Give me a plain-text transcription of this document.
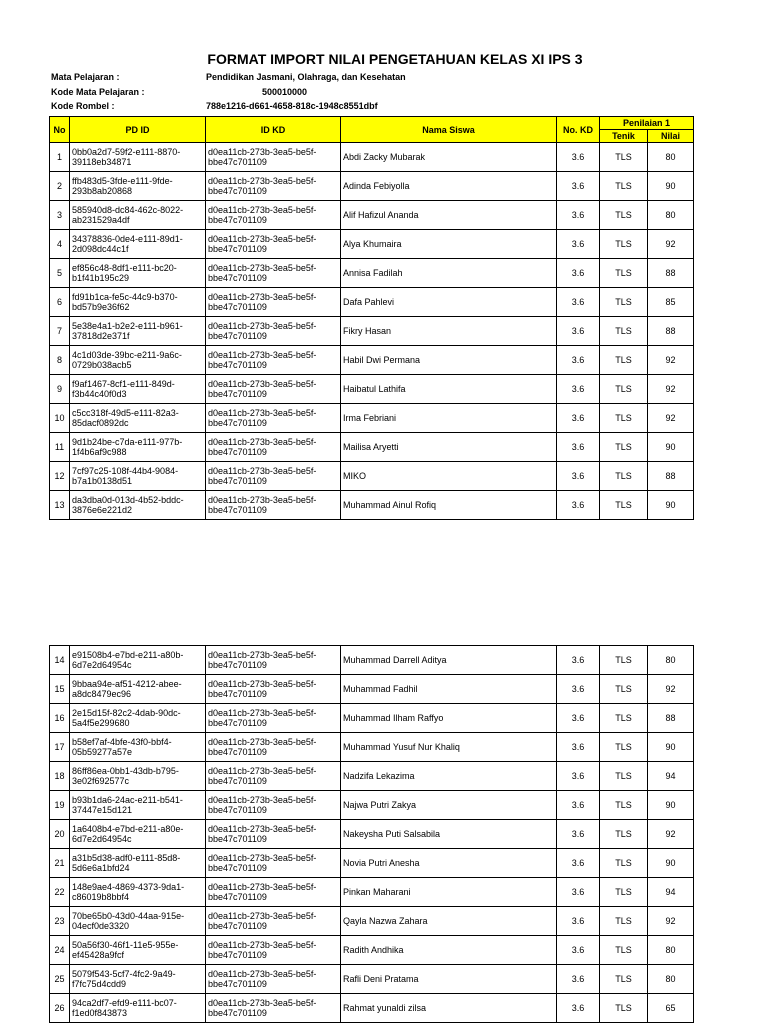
FORMAT IMPORT NILAI PENGETAHUAN KELAS XI IPS 3
Mata Pelajaran :	Pendidikan Jasmani, Olahraga, dan Kesehatan
Kode Mata Pelajaran :	500010000
Kode Rombel :	788e1216-d661-4658-818c-1948c8551dbf
No	PD ID	ID KD	Nama Siswa	No. KD	Penilaian 1	
					Tenik	Nilai
1	0bb0a2d7-59f2-e111-8870-
39118eb34871	d0ea11cb-273b-3ea5-be5f-
bbe47c701109	Abdi Zacky Mubarak	3.6	TLS	80
2	ffb483d5-3fde-e111-9fde-
293b8ab20868	d0ea11cb-273b-3ea5-be5f-
bbe47c701109	Adinda Febiyolla	3.6	TLS	90
3	585940d8-dc84-462c-8022-
ab231529a4df	d0ea11cb-273b-3ea5-be5f-
bbe47c701109	Alif Hafizul Ananda	3.6	TLS	80
4	34378836-0de4-e111-89d1-
2d098dc44c1f	d0ea11cb-273b-3ea5-be5f-
bbe47c701109	Alya Khumaira	3.6	TLS	92
5	ef856c48-8df1-e111-bc20-
b1f41b195c29	d0ea11cb-273b-3ea5-be5f-
bbe47c701109	Annisa Fadilah	3.6	TLS	88
6	fd91b1ca-fe5c-44c9-b370-
bd57b9e36f62	d0ea11cb-273b-3ea5-be5f-
bbe47c701109	Dafa Pahlevi	3.6	TLS	85
7	5e38e4a1-b2e2-e111-b961-
37818d2e371f	d0ea11cb-273b-3ea5-be5f-
bbe47c701109	Fikry Hasan	3.6	TLS	88
8	4c1d03de-39bc-e211-9a6c-
0729b038acb5	d0ea11cb-273b-3ea5-be5f-
bbe47c701109	Habil Dwi Permana	3.6	TLS	92
9	f9af1467-8cf1-e111-849d-
f3b44c40f0d3	d0ea11cb-273b-3ea5-be5f-
bbe47c701109	Haibatul Lathifa	3.6	TLS	92
10	c5cc318f-49d5-e111-82a3-
85dacf0892dc	d0ea11cb-273b-3ea5-be5f-
bbe47c701109	Irma Febriani	3.6	TLS	92
11	9d1b24be-c7da-e111-977b-
1f4b6af9c988	d0ea11cb-273b-3ea5-be5f-
bbe47c701109	Mailisa Aryetti	3.6	TLS	90
12	7cf97c25-108f-44b4-9084-
b7a1b0138d51	d0ea11cb-273b-3ea5-be5f-
bbe47c701109	MIKO	3.6	TLS	88
13	da3dba0d-013d-4b52-bddc-
3876e6e221d2	d0ea11cb-273b-3ea5-be5f-
bbe47c701109	Muhammad Ainul Rofiq	3.6	TLS	90
14	e91508b4-e7bd-e211-a80b-
6d7e2d64954c	d0ea11cb-273b-3ea5-be5f-
bbe47c701109	Muhammad Darrell Aditya	3.6	TLS	80
15	9bbaa94e-af51-4212-abee-
a8dc8479ec96	d0ea11cb-273b-3ea5-be5f-
bbe47c701109	Muhammad Fadhil	3.6	TLS	92
16	2e15d15f-82c2-4dab-90dc-
5a4f5e299680	d0ea11cb-273b-3ea5-be5f-
bbe47c701109	Muhammad Ilham Raffyo	3.6	TLS	88
17	b58ef7af-4bfe-43f0-bbf4-
05b59277a57e	d0ea11cb-273b-3ea5-be5f-
bbe47c701109	Muhammad Yusuf Nur Khaliq	3.6	TLS	90
18	86ff86ea-0bb1-43db-b795-
3e02f692577c	d0ea11cb-273b-3ea5-be5f-
bbe47c701109	Nadzifa Lekazima	3.6	TLS	94
19	b93b1da6-24ac-e211-b541-
37447e15d121	d0ea11cb-273b-3ea5-be5f-
bbe47c701109	Najwa Putri Zakya	3.6	TLS	90
20	1a6408b4-e7bd-e211-a80e-
6d7e2d64954c	d0ea11cb-273b-3ea5-be5f-
bbe47c701109	Nakeysha Puti Salsabila	3.6	TLS	92
21	a31b5d38-adf0-e111-85d8-
5d6e6a1bfd24	d0ea11cb-273b-3ea5-be5f-
bbe47c701109	Novia Putri Anesha	3.6	TLS	90
22	148e9ae4-4869-4373-9da1-
c86019b8bbf4	d0ea11cb-273b-3ea5-be5f-
bbe47c701109	Pinkan Maharani	3.6	TLS	94
23	70be65b0-43d0-44aa-915e-
04ecf0de3320	d0ea11cb-273b-3ea5-be5f-
bbe47c701109	Qayla Nazwa Zahara	3.6	TLS	92
24	50a56f30-46f1-11e5-955e-
ef45428a9fcf	d0ea11cb-273b-3ea5-be5f-
bbe47c701109	Radith Andhika	3.6	TLS	80
25	5079f543-5cf7-4fc2-9a49-
f7fc75d4cdd9	d0ea11cb-273b-3ea5-be5f-
bbe47c701109	Rafli Deni Pratama	3.6	TLS	80
26	94ca2df7-efd9-e111-bc07-
f1ed0f843873	d0ea11cb-273b-3ea5-be5f-
bbe47c701109	Rahmat yunaldi zilsa	3.6	TLS	65
